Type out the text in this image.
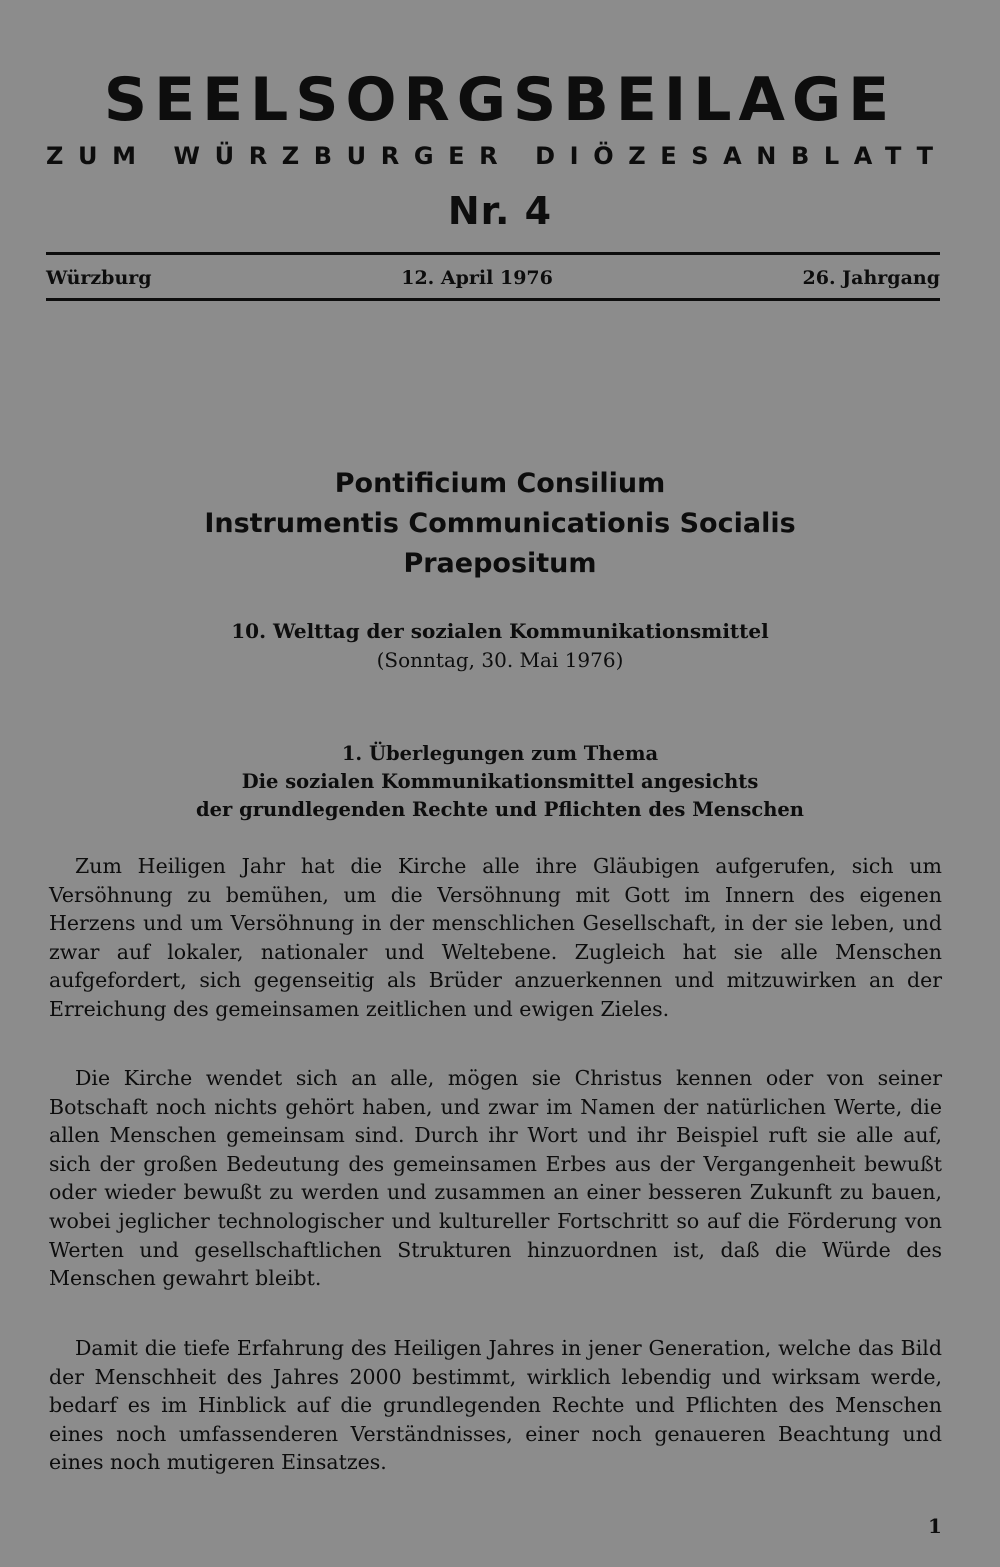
SEELSORGSBEILAGE
ZUM WÜRZBURGER DIÖZESANBLATT
Nr. 4
Würzburg	12. April 1976	26. Jahrgang
Pontificium Consilium
Instrumentis Communicationis Socialis
Praepositum
10. Welttag der sozialen Kommunikationsmittel
(Sonntag, 30. Mai 1976)
1. Überlegungen zum Thema
Die sozialen Kommunikationsmittel angesichts
der grundlegenden Rechte und Pflichten des Menschen

Zum Heiligen Jahr hat die Kirche alle ihre Gläubigen aufgerufen, sich um Versöhnung zu bemühen, um die Versöhnung mit Gott im Innern des eigenen Herzens und um Versöhnung in der menschlichen Gesellschaft, in der sie leben, und zwar auf lokaler, nationaler und Weltebene. Zugleich hat sie alle Menschen aufgefordert, sich gegenseitig als Brüder anzuerkennen und mitzuwirken an der Erreichung des gemeinsamen zeitlichen und ewigen Zieles.

Die Kirche wendet sich an alle, mögen sie Christus kennen oder von seiner Botschaft noch nichts gehört haben, und zwar im Namen der natürlichen Werte, die allen Menschen gemeinsam sind. Durch ihr Wort und ihr Beispiel ruft sie alle auf, sich der großen Bedeutung des gemeinsamen Erbes aus der Vergangenheit bewußt oder wieder bewußt zu werden und zusammen an einer besseren Zukunft zu bauen, wobei jeglicher technologischer und kultureller Fortschritt so auf die Förderung von Werten und gesellschaftlichen Strukturen hinzuordnen ist, daß die Würde des Menschen gewahrt bleibt.

Damit die tiefe Erfahrung des Heiligen Jahres in jener Generation, welche das Bild der Menschheit des Jahres 2000 bestimmt, wirklich lebendig und wirksam werde, bedarf es im Hinblick auf die grundlegenden Rechte und Pflichten des Menschen eines noch umfassenderen Verständnisses, einer noch genaueren Beachtung und eines noch mutigeren Einsatzes.

1
